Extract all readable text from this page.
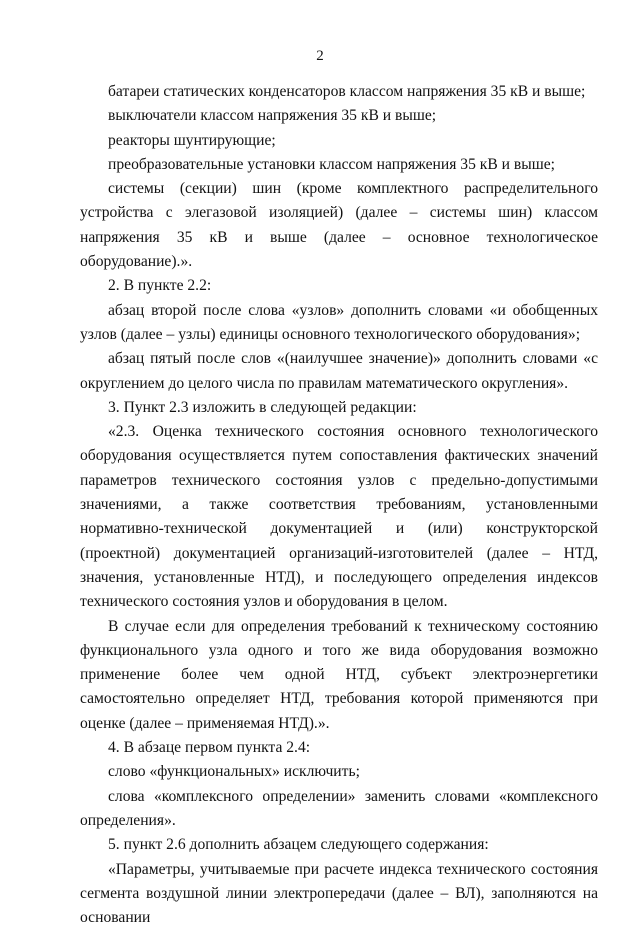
2

батареи статических конденсаторов классом напряжения 35 кВ и выше;

выключатели классом напряжения 35 кВ и выше;

реакторы шунтирующие;

преобразовательные установки классом напряжения 35 кВ и выше;

системы (секции) шин (кроме комплектного распределительного устройства с элегазовой изоляцией) (далее – системы шин) классом напряжения 35 кВ и выше (далее – основное технологическое оборудование).».

2. В пункте 2.2:

абзац второй после слова «узлов» дополнить словами «и обобщенных узлов (далее – узлы) единицы основного технологического оборудования»;

абзац пятый после слов «(наилучшее значение)» дополнить словами «с округлением до целого числа по правилам математического округления».

3. Пункт 2.3 изложить в следующей редакции:

«2.3. Оценка технического состояния основного технологического оборудования осуществляется путем сопоставления фактических значений параметров технического состояния узлов с предельно-допустимыми значениями, а также соответствия требованиям, установленными нормативно-технической документацией и (или) конструкторской (проектной) документацией организаций-изготовителей (далее – НТД, значения, установленные НТД), и последующего определения индексов технического состояния узлов и оборудования в целом.

В случае если для определения требований к техническому состоянию функционального узла одного и того же вида оборудования возможно применение более чем одной НТД, субъект электроэнергетики самостоятельно определяет НТД, требования которой применяются при оценке (далее – применяемая НТД).».

4. В абзаце первом пункта 2.4:

слово «функциональных» исключить;

слова «комплексного определении» заменить словами «комплексного определения».

5. пункт 2.6 дополнить абзацем следующего содержания:

«Параметры, учитываемые при расчете индекса технического состояния сегмента воздушной линии электропередачи (далее – ВЛ), заполняются на основании
